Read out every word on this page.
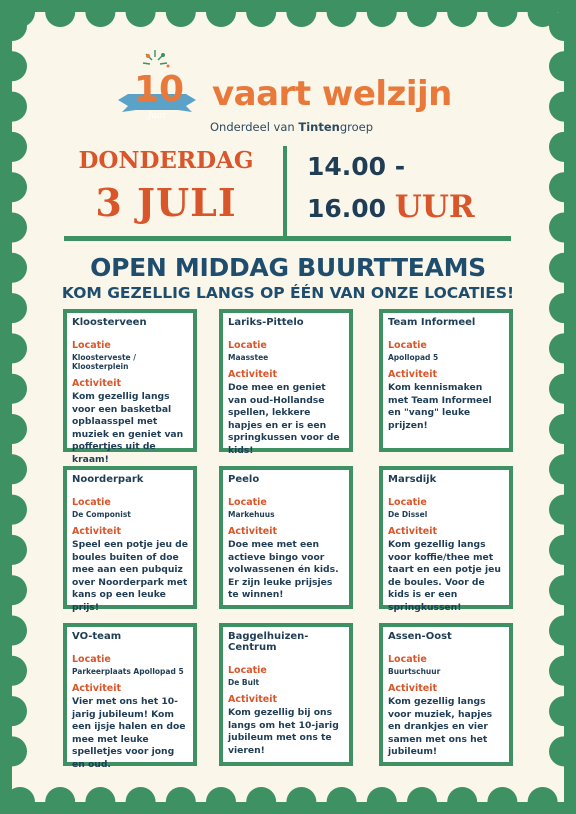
10
Jaar
vaart welzijn
Onderdeel van Tintengroep
DONDERDAG
3 JULI
14.00 -
16.00 UUR
OPEN MIDDAG BUURTTEAMS
KOM GEZELLIG LANGS OP ÉÉN VAN ONZE LOCATIES!
Kloosterveen
Locatie
Kloosterveste / Kloosterplein
Activiteit
Kom gezellig langs voor een basketbal opblaasspel met muziek en geniet van poffertjes uit de kraam!
Lariks-Pittelo
Locatie
Maasstee
Activiteit
Doe mee en geniet van oud-Hollandse spellen, lekkere hapjes en er is een springkussen voor de kids!
Team Informeel
Locatie
Apollopad 5
Activiteit
Kom kennismaken met Team Informeel en "vang" leuke prijzen!
Noorderpark
Locatie
De Componist
Activiteit
Speel een potje jeu de boules buiten of doe mee aan een pubquiz over Noorderpark met kans op een leuke prijs!
Peelo
Locatie
Markehuus
Activiteit
Doe mee met een actieve bingo voor volwassenen én kids. Er zijn leuke prijsjes te winnen!
Marsdijk
Locatie
De Dissel
Activiteit
Kom gezellig langs voor koffie/thee met taart en een potje jeu de boules. Voor de kids is er een springkussen!
VO-team
Locatie
Parkeerplaats Apollopad 5
Activiteit
Vier met ons het 10-jarig jubileum! Kom een ijsje halen en doe mee met leuke spelletjes voor jong en oud.
Baggelhuizen-Centrum
Locatie
De Bult
Activiteit
Kom gezellig bij ons langs om het 10-jarig jubileum met ons te vieren!
Assen-Oost
Locatie
Buurtschuur
Activiteit
Kom gezellig langs voor muziek, hapjes en drankjes en vier samen met ons het jubileum!
